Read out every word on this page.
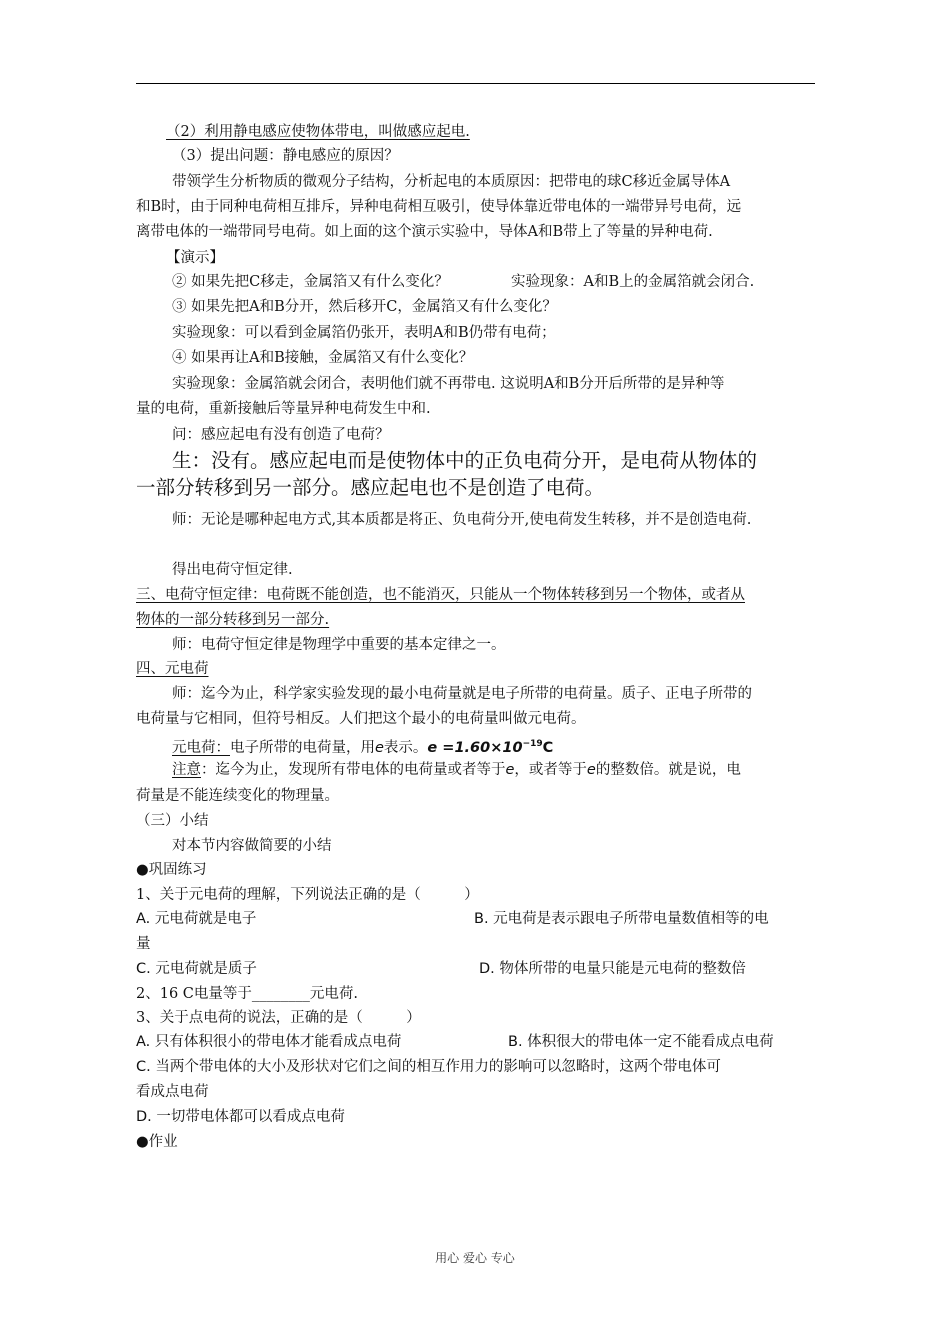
（2）利用静电感应使物体带电，叫做感应起电.
（3）提出问题：静电感应的原因？
带领学生分析物质的微观分子结构，分析起电的本质原因：把带电的球C移近金属导体A
和B时，由于同种电荷相互排斥，异种电荷相互吸引，使导体靠近带电体的一端带异号电荷，远
离带电体的一端带同号电荷。如上面的这个演示实验中，导体A和B带上了等量的异种电荷.
【演示】
② 如果先把C移走，金属箔又有什么变化？	实验现象：A和B上的金属箔就会闭合.
③ 如果先把A和B分开，然后移开C，金属箔又有什么变化？
实验现象：可以看到金属箔仍张开，表明A和B仍带有电荷；
④ 如果再让A和B接触，金属箔又有什么变化？
实验现象：金属箔就会闭合，表明他们就不再带电. 这说明A和B分开后所带的是异种等
量的电荷，重新接触后等量异种电荷发生中和.
问：感应起电有没有创造了电荷？
生：没有。感应起电而是使物体中的正负电荷分开，是电荷从物体的
一部分转移到另一部分。感应起电也不是创造了电荷。
师：无论是哪种起电方式,其本质都是将正、负电荷分开,使电荷发生转移，并不是创造电荷.
得出电荷守恒定律.
三、电荷守恒定律：电荷既不能创造，也不能消灭，只能从一个物体转移到另一个物体，或者从
物体的一部分转移到另一部分.
师：电荷守恒定律是物理学中重要的基本定律之一。
四、元电荷
师：迄今为止，科学家实验发现的最小电荷量就是电子所带的电荷量。质子、正电子所带的
电荷量与它相同，但符号相反。人们把这个最小的电荷量叫做元电荷。
元电荷：电子所带的电荷量，用e表示。$e =1.60\times 10^{-19}C$
注意：迄今为止，发现所有带电体的电荷量或者等于e，或者等于e的整数倍。就是说，电
荷量是不能连续变化的物理量。
（三）小结
对本节内容做简要的小结
●巩固练习
1、关于元电荷的理解，下列说法正确的是（　　　）
A. 元电荷就是电子	B. 元电荷是表示跟电子所带电量数值相等的电
量
C. 元电荷就是质子	D. 物体所带的电量只能是元电荷的整数倍
2、16 C电量等于________元电荷.
3、关于点电荷的说法，正确的是（　　　）
A. 只有体积很小的带电体才能看成点电荷	B. 体积很大的带电体一定不能看成点电荷
C. 当两个带电体的大小及形状对它们之间的相互作用力的影响可以忽略时，这两个带电体可
看成点电荷
D. 一切带电体都可以看成点电荷
●作业
用心 爱心 专心
